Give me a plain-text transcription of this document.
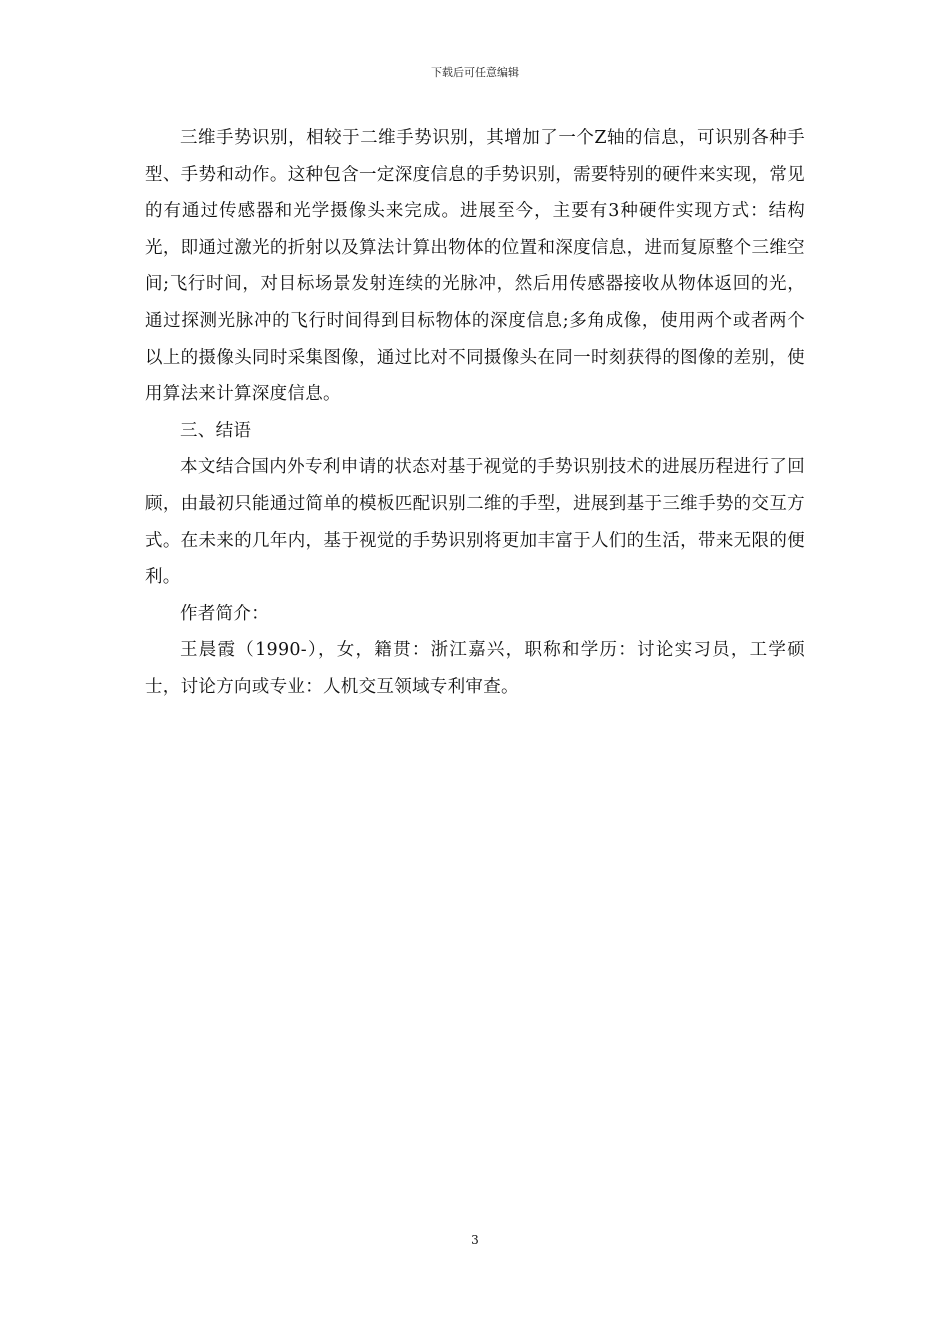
下载后可任意编辑

三维手势识别，相较于二维手势识别，其增加了一个Z轴的信息，可识别各种手型、手势和动作。这种包含一定深度信息的手势识别，需要特别的硬件来实现，常见的有通过传感器和光学摄像头来完成。进展至今，主要有3种硬件实现方式：结构光，即通过激光的折射以及算法计算出物体的位置和深度信息，进而复原整个三维空间;飞行时间，对目标场景发射连续的光脉冲，然后用传感器接收从物体返回的光，通过探测光脉冲的飞行时间得到目标物体的深度信息;多角成像，使用两个或者两个以上的摄像头同时采集图像，通过比对不同摄像头在同一时刻获得的图像的差别，使用算法来计算深度信息。

三、结语

本文结合国内外专利申请的状态对基于视觉的手势识别技术的进展历程进行了回顾，由最初只能通过简单的模板匹配识别二维的手型，进展到基于三维手势的交互方式。在未来的几年内，基于视觉的手势识别将更加丰富于人们的生活，带来无限的便利。

作者简介：

王晨霞（1990-），女，籍贯：浙江嘉兴，职称和学历：讨论实习员，工学硕士，讨论方向或专业：人机交互领域专利审查。

3
